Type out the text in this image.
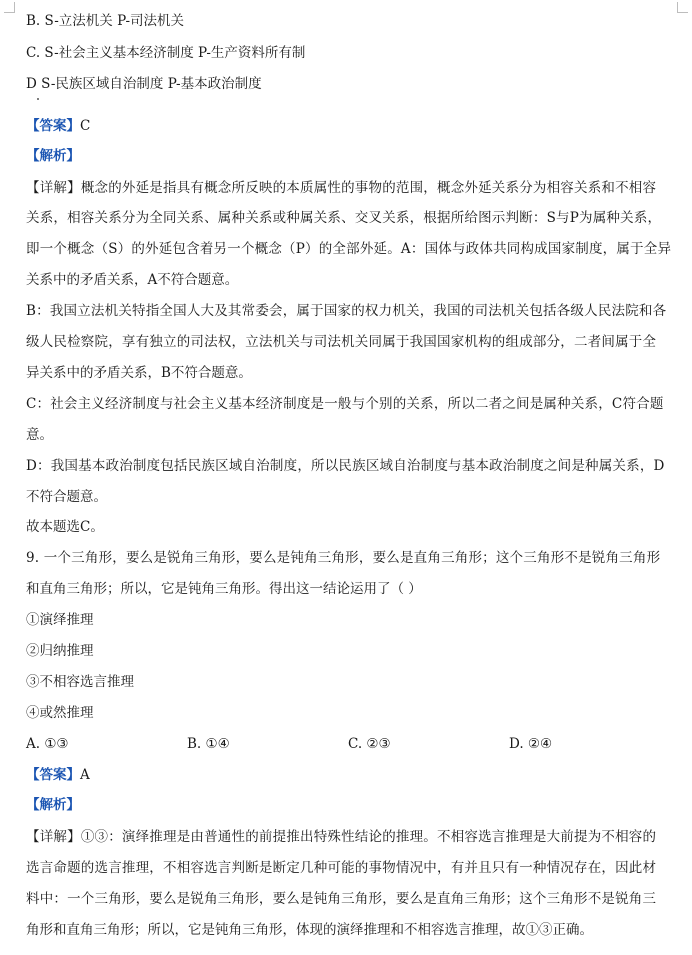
B. S-立法机关 P-司法机关
C. S-社会主义基本经济制度 P-生产资料所有制
D S-民族区域自治制度 P-基本政治制度
【答案】C
【解析】
【详解】概念的外延是指具有概念所反映的本质属性的事物的范围，概念外延关系分为相容关系和不相容
关系，相容关系分为全同关系、属种关系或种属关系、交叉关系，根据所给图示判断：S与P为属种关系，
即一个概念（S）的外延包含着另一个概念（P）的全部外延。A：国体与政体共同构成国家制度，属于全异
关系中的矛盾关系，A不符合题意。
B：我国立法机关特指全国人大及其常委会，属于国家的权力机关，我国的司法机关包括各级人民法院和各
级人民检察院，享有独立的司法权，立法机关与司法机关同属于我国国家机构的组成部分，二者间属于全
异关系中的矛盾关系，B不符合题意。
C：社会主义经济制度与社会主义基本经济制度是一般与个别的关系，所以二者之间是属种关系，C符合题
意。
D：我国基本政治制度包括民族区域自治制度，所以民族区域自治制度与基本政治制度之间是种属关系，D
不符合题意。
故本题选C。
9. 一个三角形，要么是锐角三角形，要么是钝角三角形，要么是直角三角形；这个三角形不是锐角三角形
和直角三角形；所以，它是钝角三角形。得出这一结论运用了（ ）
①演绎推理
②归纳推理
③不相容选言推理
④或然推理
A. ①③	B. ①④	C. ②③	D. ②④
【答案】A
【解析】
【详解】①③：演绎推理是由普通性的前提推出特殊性结论的推理。不相容选言推理是大前提为不相容的
选言命题的选言推理，不相容选言判断是断定几种可能的事物情况中，有并且只有一种情况存在，因此材
料中：一个三角形，要么是锐角三角形，要么是钝角三角形，要么是直角三角形；这个三角形不是锐角三
角形和直角三角形；所以，它是钝角三角形，体现的演绎推理和不相容选言推理，故①③正确。
